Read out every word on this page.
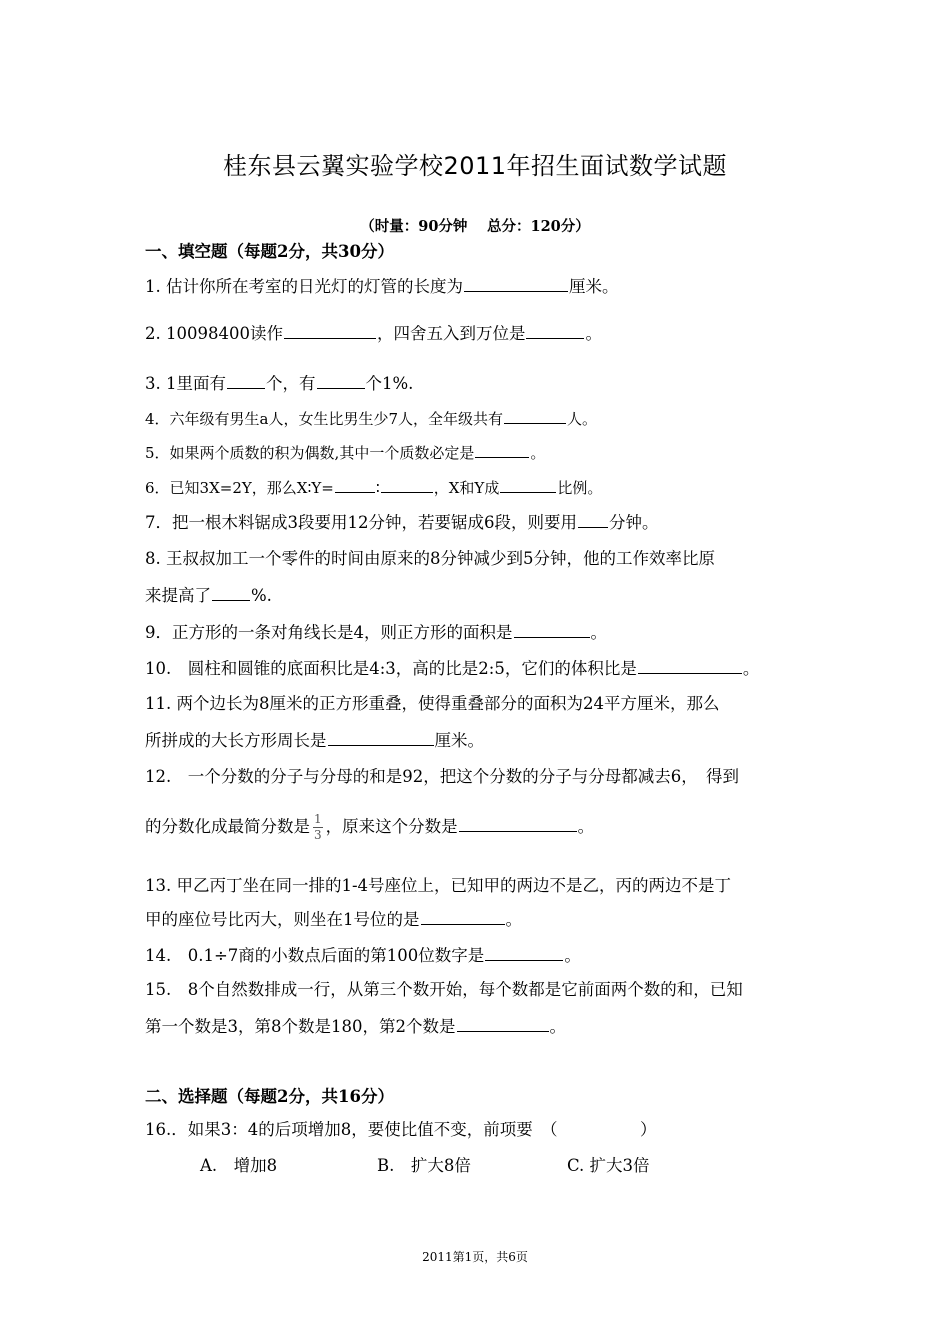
桂东县云翼实验学校2011年招生面试数学试题
（时量：90分钟　 总分：120分）
一、填空题（每题2分，共30分）
1. 估计你所在考室的日光灯的灯管的长度为	厘米。
2. 10098400读作	，四舍五入到万位是	。
3. 1里面有 个，有	个1%.
4．六年级有男生a人，女生比男生少7人，全年级共有	人。
5．如果两个质数的积为偶数,其中一个质数必定是	。
6．已知3X=2Y，那么X∶Y=	∶	，X和Y成	比例。
7．把一根木料锯成3段要用12分钟，若要锯成6段，则要用 分钟。
8. 王叔叔加工一个零件的时间由原来的8分钟减少到5分钟，他的工作效率比原
来提高了 %.
9．正方形的一条对角线长是4，则正方形的面积是	。
10.　圆柱和圆锥的底面积比是4:3，高的比是2:5，它们的体积比是	。
11. 两个边长为8厘米的正方形重叠，使得重叠部分的面积为24平方厘米，那么
所拼成的大长方形周长是	厘米。
12.　一个分数的分子与分母的和是92，把这个分数的分子与分母都减去6，　得到
的分数化成最简分数是 $\frac{1}{3}$ ，原来这个分数是	。
13. 甲乙丙丁坐在同一排的1-4号座位上，已知甲的两边不是乙，丙的两边不是丁
甲的座位号比丙大，则坐在1号位的是	。
14.　0.1÷7商的小数点后面的第100位数字是	。
15.　8个自然数排成一行，从第三个数开始，每个数都是它前面两个数的和，已知
第一个数是3，第8个数是180，第2个数是	。
二、选择题（每题2分，共16分）
16.．如果3：4的后项增加8，要使比值不变，前项要　（　　　　　）
A.　增加8	B.　扩大8倍	C. 扩大3倍
2011第1页，共6页
